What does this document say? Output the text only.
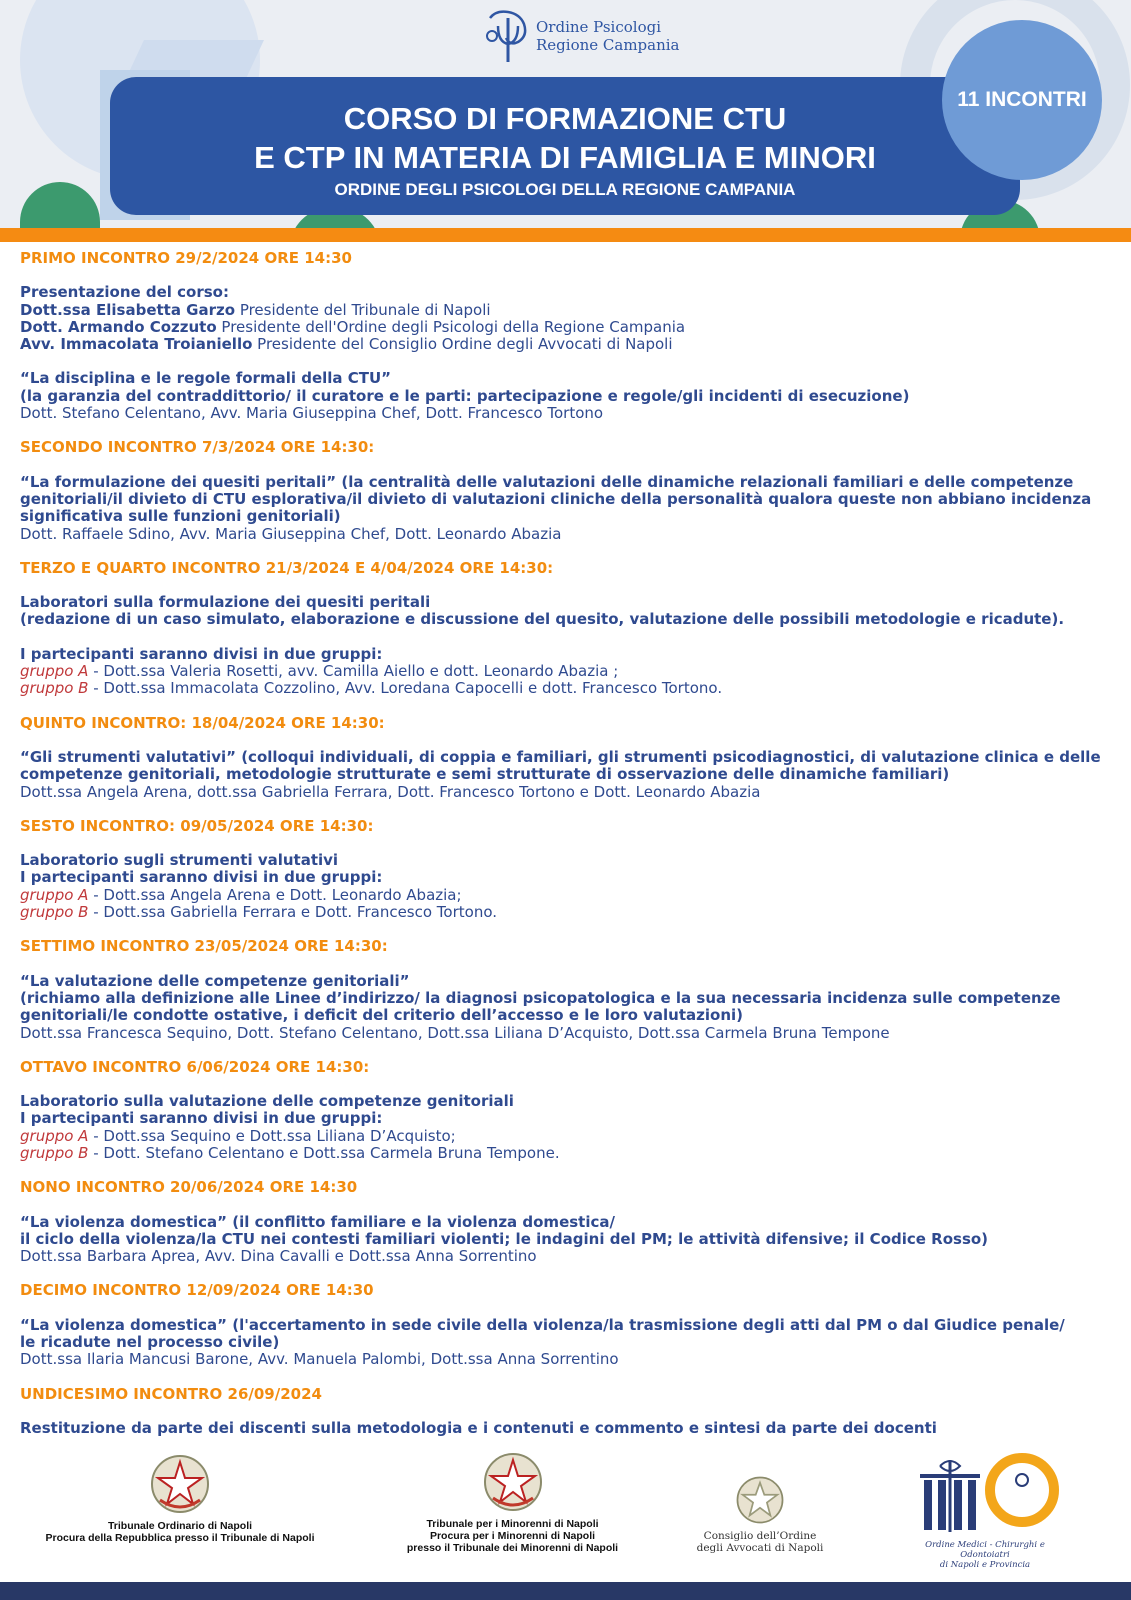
Ordine Psicologi
Regione Campania
CORSO DI FORMAZIONE CTU
E CTP IN MATERIA DI FAMIGLIA E MINORI
ORDINE DEGLI PSICOLOGI DELLA REGIONE CAMPANIA
11 INCONTRI
PRIMO INCONTRO 29/2/2024 ORE 14:30
Presentazione del corso:
Dott.ssa Elisabetta Garzo Presidente del Tribunale di Napoli
Dott. Armando Cozzuto Presidente dell'Ordine degli Psicologi della Regione Campania
Avv. Immacolata Troianiello Presidente del Consiglio Ordine degli Avvocati di Napoli
“La disciplina e le regole formali della CTU”
(la garanzia del contraddittorio/ il curatore e le parti: partecipazione e regole/gli incidenti di esecuzione)
Dott. Stefano Celentano, Avv. Maria Giuseppina Chef, Dott. Francesco Tortono
SECONDO INCONTRO 7/3/2024 ORE 14:30:
“La formulazione dei quesiti peritali” (la centralità delle valutazioni delle dinamiche relazionali familiari e delle competenze
genitoriali/il divieto di CTU esplorativa/il divieto di valutazioni cliniche della personalità qualora queste non abbiano incidenza
significativa sulle funzioni genitoriali)
Dott. Raffaele Sdino, Avv. Maria Giuseppina Chef, Dott. Leonardo Abazia
TERZO E QUARTO INCONTRO 21/3/2024 E 4/04/2024 ORE 14:30:
Laboratori sulla formulazione dei quesiti peritali
(redazione di un caso simulato, elaborazione e discussione del quesito, valutazione delle possibili metodologie e ricadute).
I partecipanti saranno divisi in due gruppi:
gruppo A - Dott.ssa Valeria Rosetti, avv. Camilla Aiello e dott. Leonardo Abazia ;
gruppo B - Dott.ssa Immacolata Cozzolino, Avv. Loredana Capocelli e dott. Francesco Tortono.
QUINTO INCONTRO: 18/04/2024 ORE 14:30:
“Gli strumenti valutativi” (colloqui individuali, di coppia e familiari, gli strumenti psicodiagnostici, di valutazione clinica e delle
competenze genitoriali, metodologie strutturate e semi strutturate di osservazione delle dinamiche familiari)
Dott.ssa Angela Arena, dott.ssa Gabriella Ferrara, Dott. Francesco Tortono e Dott. Leonardo Abazia
SESTO INCONTRO: 09/05/2024 ORE 14:30:
Laboratorio sugli strumenti valutativi
I partecipanti saranno divisi in due gruppi:
gruppo A - Dott.ssa Angela Arena e Dott. Leonardo Abazia;
gruppo B - Dott.ssa Gabriella Ferrara e Dott. Francesco Tortono.
SETTIMO INCONTRO 23/05/2024 ORE 14:30:
“La valutazione delle competenze genitoriali”
(richiamo alla definizione alle Linee d’indirizzo/ la diagnosi psicopatologica e la sua necessaria incidenza sulle competenze
genitoriali/le condotte ostative, i deficit del criterio dell’accesso e le loro valutazioni)
Dott.ssa Francesca Sequino, Dott. Stefano Celentano, Dott.ssa Liliana D’Acquisto, Dott.ssa Carmela Bruna Tempone
OTTAVO INCONTRO 6/06/2024 ORE 14:30:
Laboratorio sulla valutazione delle competenze genitoriali
I partecipanti saranno divisi in due gruppi:
gruppo A - Dott.ssa Sequino e Dott.ssa Liliana D’Acquisto;
gruppo B - Dott. Stefano Celentano e Dott.ssa Carmela Bruna Tempone.
NONO INCONTRO 20/06/2024 ORE 14:30
“La violenza domestica” (il conflitto familiare e la violenza domestica/
il ciclo della violenza/la CTU nei contesti familiari violenti; le indagini del PM; le attività difensive; il Codice Rosso)
Dott.ssa Barbara Aprea, Avv. Dina Cavalli e Dott.ssa Anna Sorrentino
DECIMO INCONTRO 12/09/2024 ORE 14:30
“La violenza domestica” (l'accertamento in sede civile della violenza/la trasmissione degli atti dal PM o dal Giudice penale/
le ricadute nel processo civile)
Dott.ssa Ilaria Mancusi Barone, Avv. Manuela Palombi, Dott.ssa Anna Sorrentino
UNDICESIMO INCONTRO 26/09/2024
Restituzione da parte dei discenti sulla metodologia e i contenuti e commento e sintesi da parte dei docenti
Tribunale Ordinario di Napoli
Procura della Repubblica presso il Tribunale di Napoli
Tribunale per i Minorenni di Napoli
Procura per i Minorenni di Napoli
presso il Tribunale dei Minorenni di Napoli
Consiglio dell’Ordine
degli Avvocati di Napoli	Ordine Medici - Chirurghi e Odontoiatri
di Napoli e Provincia
